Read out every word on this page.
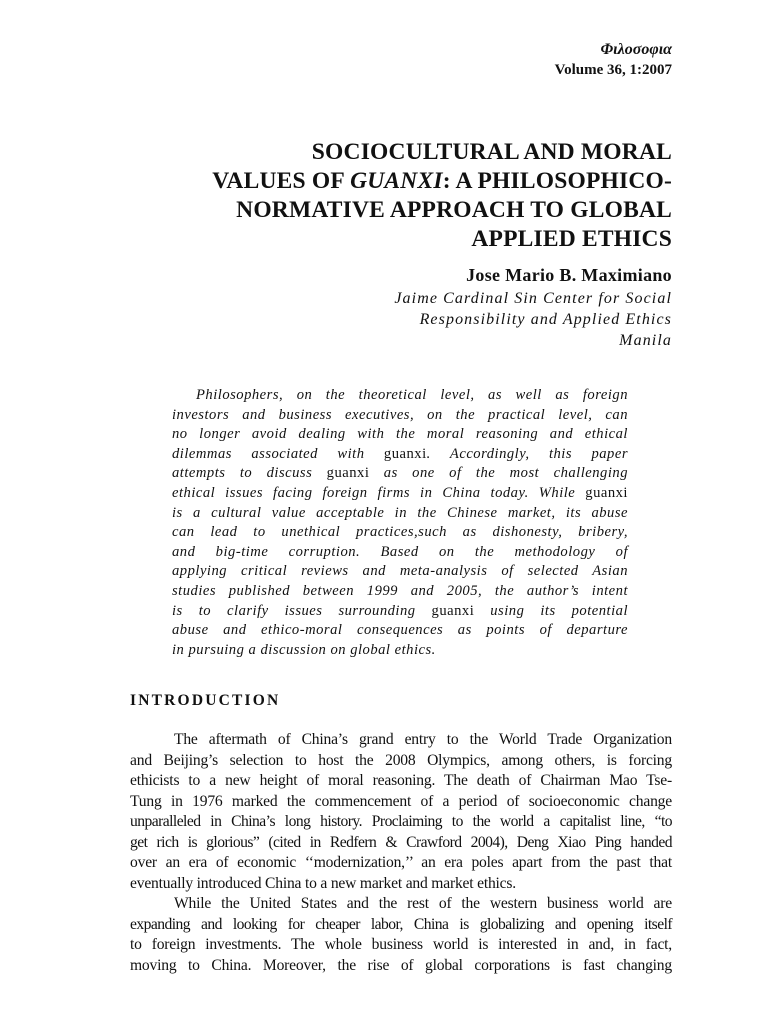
Φιλοσοφια
Volume 36, 1:2007
SOCIOCULTURAL AND MORAL
VALUES OF GUANXI: A PHILOSOPHICO-
NORMATIVE APPROACH TO GLOBAL
APPLIED ETHICS
Jose Mario B. Maximiano
Jaime Cardinal Sin Center for Social
Responsibility and Applied Ethics
Manila
Philosophers, on the theoretical level, as well as foreign
investors and business executives, on the practical level, can
no longer avoid dealing with the moral reasoning and ethical
dilemmas associated with guanxi. Accordingly, this paper
attempts to discuss guanxi as one of the most challenging
ethical issues facing foreign firms in China today. While guanxi
is a cultural value acceptable in the Chinese market, its abuse
can lead to unethical practices,such as dishonesty, bribery,
and big-time corruption. Based on the methodology of
applying critical reviews and meta-analysis of selected Asian
studies published between 1999 and 2005, the author’s intent
is to clarify issues surrounding guanxi using its potential
abuse and ethico-moral consequences as points of departure
in pursuing a discussion on global ethics.
INTRODUCTION
The aftermath of China’s grand entry to the World Trade Organization
and Beijing’s selection to host the 2008 Olympics, among others, is forcing
ethicists to a new height of moral reasoning. The death of Chairman Mao Tse-
Tung in 1976 marked the commencement of a period of socioeconomic change
unparalleled in China’s long history. Proclaiming to the world a capitalist line, “to
get rich is glorious” (cited in Redfern & Crawford 2004), Deng Xiao Ping handed
over an era of economic ‘‘modernization,’’ an era poles apart from the past that
eventually introduced China to a new market and market ethics.
While the United States and the rest of the western business world are
expanding and looking for cheaper labor, China is globalizing and opening itself
to foreign investments. The whole business world is interested in and, in fact,
moving to China. Moreover, the rise of global corporations is fast changing
